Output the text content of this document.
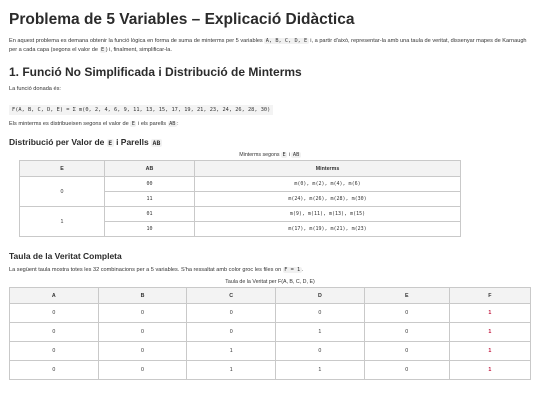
Problema de 5 Variables – Explicació Didàctica

En aquest problema es demana obtenir la funció lògica en forma de suma de minterms per 5 variables A, B, C, D, E i, a partir d'això, representar-la amb una taula de veritat, dissenyar mapes de Karnaugh per a cada capa (segons el valor de E ) i, finalment, simplificar-la.

1. Funció No Simplificada i Distribució de Minterms

La funció donada és:

F(A, B, C, D, E) = Σ m(0, 2, 4, 6, 9, 11, 13, 15, 17, 19, 21, 23, 24, 26, 28, 30)

Els minterms es distribueixen segons el valor de E i els parells AB :

Distribució per Valor de E i Parells AB
Minterms segons E i AB
E	AB	Minterms
0	00	m(0), m(2), m(4), m(6)
	11	m(24), m(26), m(28), m(30)
1	01	m(9), m(11), m(13), m(15)
	10	m(17), m(19), m(21), m(23)
Taula de la Veritat Completa

La següent taula mostra totes les 32 combinacions per a 5 variables. S'ha ressaltat amb color groc les files on F = 1 .

Taula de la Veritat per F(A, B, C, D, E)
A	B	C	D	E	F
0	0	0	0	0	1
0	0	0	1	0	1
0	0	1	0	0	1
0	0	1	1	0	1
